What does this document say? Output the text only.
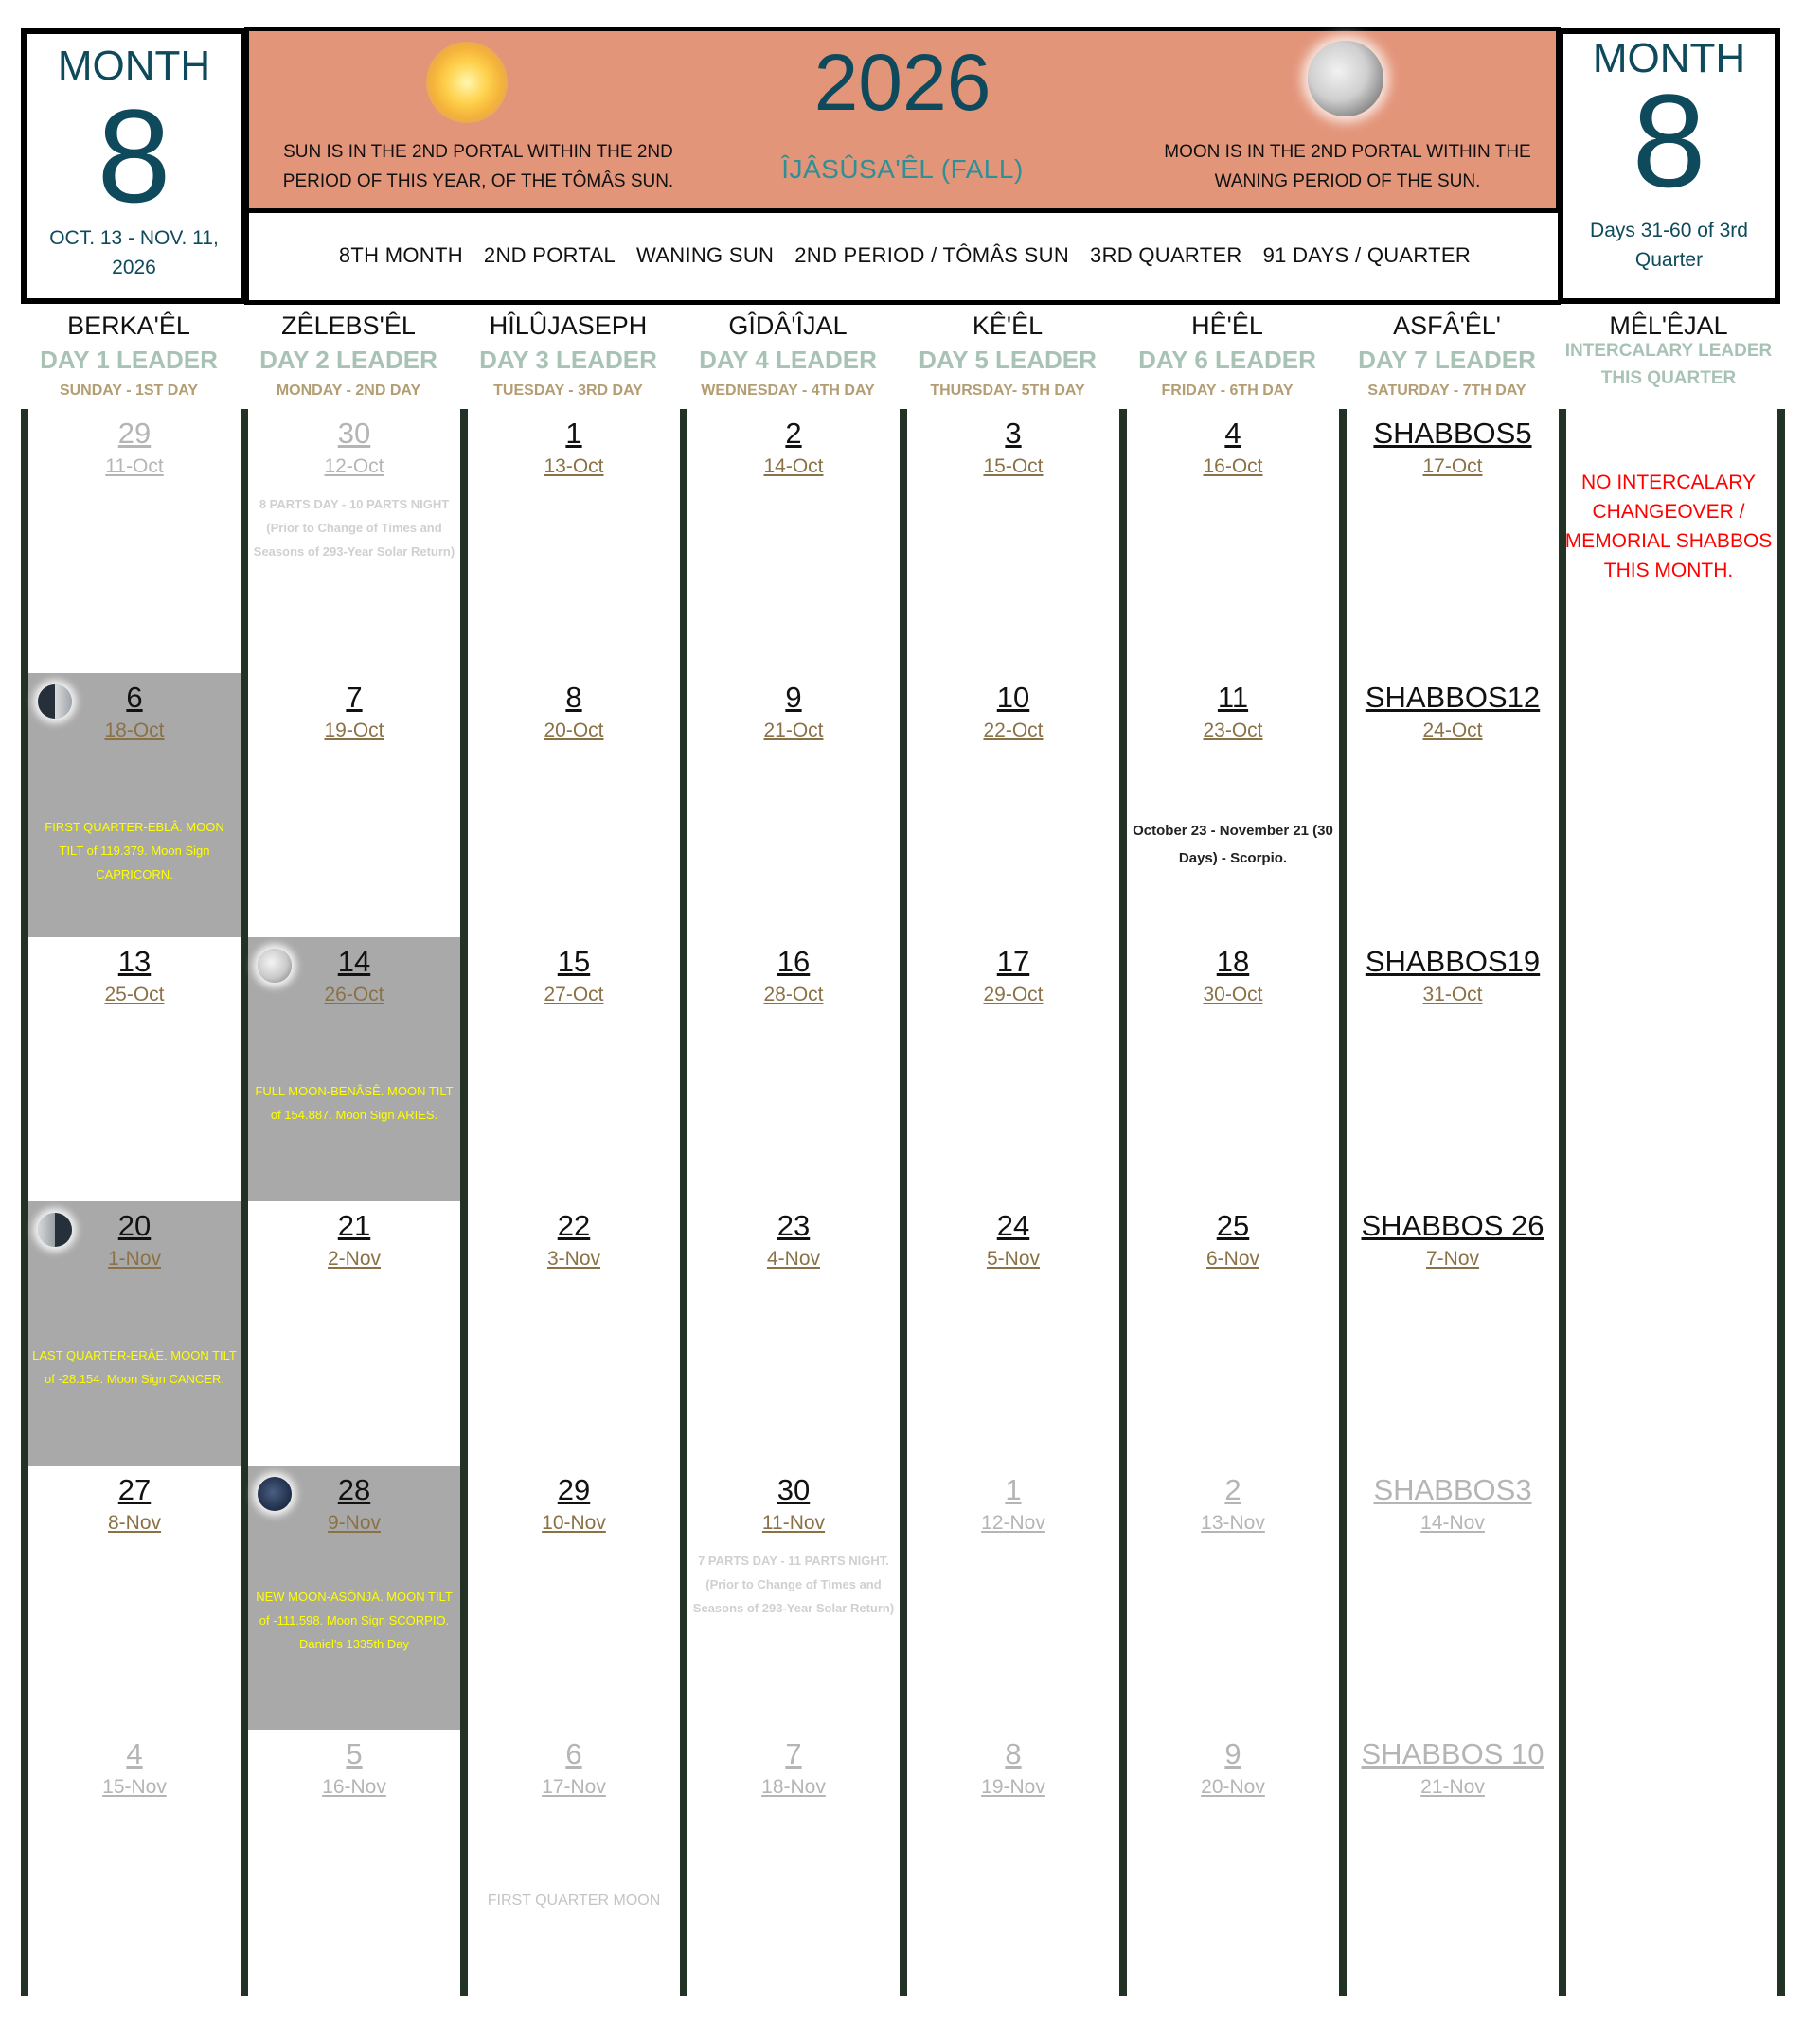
MONTH
8
OCT. 13 - NOV. 11, 2026
2026
ÎJÂSÛSA'ÊL (FALL)
SUN IS IN THE 2ND PORTAL WITHIN THE 2ND PERIOD OF THIS YEAR, OF THE TÔMÂS SUN.
MOON IS IN THE 2ND PORTAL WITHIN THE WANING PERIOD OF THE SUN.
MONTH
8
Days 31-60 of 3rd Quarter
8TH MONTH 2ND PORTAL WANING SUN 2ND PERIOD / TÔMÂS SUN 3RD QUARTER 91 DAYS / QUARTER
BERKA'ÊL
DAY 1 LEADER
SUNDAY - 1ST DAY
ZÊLEBS'ÊL
DAY 2 LEADER
MONDAY - 2ND DAY
HÎLÛJASEPH
DAY 3 LEADER
TUESDAY - 3RD DAY
GÎDÂ'ÎJAL
DAY 4 LEADER
WEDNESDAY - 4TH DAY
KÊ'ÊL
DAY 5 LEADER
THURSDAY- 5TH DAY
HÊ'ÊL
DAY 6 LEADER
FRIDAY - 6TH DAY
ASFÂ'ÊL'
DAY 7 LEADER
SATURDAY - 7TH DAY
MÊL'ÊJAL
INTERCALARY LEADER THIS QUARTER
29
11-Oct
30
12-Oct
8 PARTS DAY - 10 PARTS NIGHT (Prior to Change of Times and Seasons of 293-Year Solar Return)
1
13-Oct
2
14-Oct
3
15-Oct
4
16-Oct
SHABBOS5
17-Oct
6
18-Oct
FIRST QUARTER-EBLÂ. MOON TILT of 119.379. Moon Sign CAPRICORN.
7
19-Oct
8
20-Oct
9
21-Oct
10
22-Oct
11
23-Oct
October 23 - November 21 (30 Days) - Scorpio.
SHABBOS12
24-Oct
13
25-Oct
14
26-Oct
FULL MOON-BENÂSÊ. MOON TILT of 154.887. Moon Sign ARIES.
15
27-Oct
16
28-Oct
17
29-Oct
18
30-Oct
SHABBOS19
31-Oct
20
1-Nov
LAST QUARTER-ERÂE. MOON TILT of -28.154. Moon Sign CANCER.
21
2-Nov
22
3-Nov
23
4-Nov
24
5-Nov
25
6-Nov
SHABBOS 26
7-Nov
27
8-Nov
28
9-Nov
NEW MOON-ASÔNJÂ. MOON TILT of -111.598. Moon Sign SCORPIO. Daniel's 1335th Day
29
10-Nov
30
11-Nov
7 PARTS DAY - 11 PARTS NIGHT. (Prior to Change of Times and Seasons of 293-Year Solar Return)
1
12-Nov
2
13-Nov
SHABBOS3
14-Nov
4
15-Nov
5
16-Nov
6
17-Nov
FIRST QUARTER MOON
7
18-Nov
8
19-Nov
9
20-Nov
SHABBOS 10
21-Nov
NO INTERCALARY CHANGEOVER / MEMORIAL SHABBOS THIS MONTH.
